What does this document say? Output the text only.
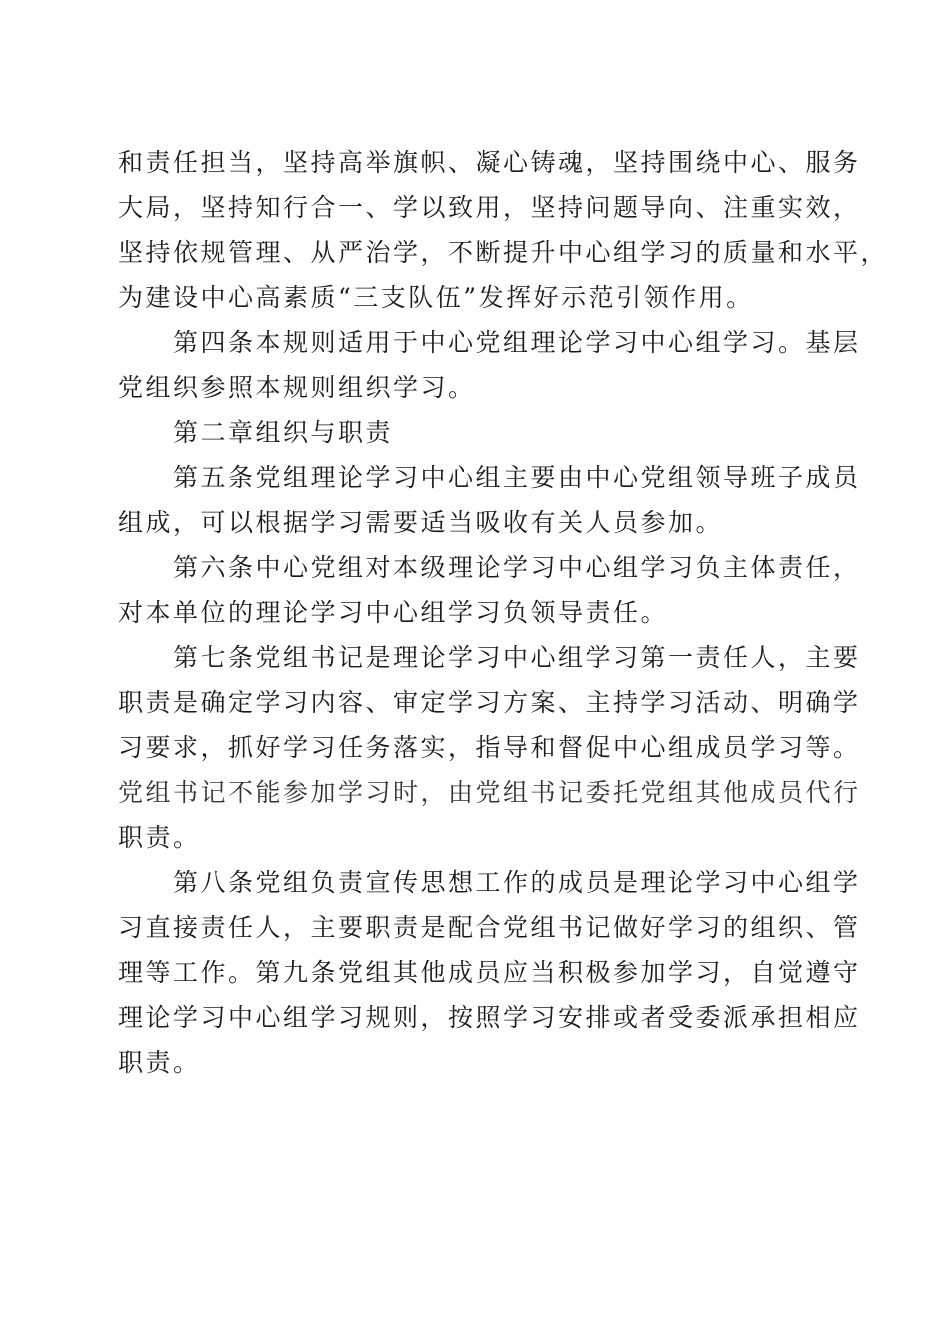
和责任担当，坚持高举旗帜、凝心铸魂，坚持围绕中心、服务
大局，坚持知行合一、学以致用，坚持问题导向、注重实效，
坚持依规管理、从严治学，不断提升中心组学习的质量和水平，
为建设中心高素质“三支队伍”发挥好示范引领作用。
第四条本规则适用于中心党组理论学习中心组学习。基层
党组织参照本规则组织学习。
第二章组织与职责
第五条党组理论学习中心组主要由中心党组领导班子成员
组成，可以根据学习需要适当吸收有关人员参加。
第六条中心党组对本级理论学习中心组学习负主体责任，
对本单位的理论学习中心组学习负领导责任。
第七条党组书记是理论学习中心组学习第一责任人，主要
职责是确定学习内容、审定学习方案、主持学习活动、明确学
习要求，抓好学习任务落实，指导和督促中心组成员学习等。
党组书记不能参加学习时，由党组书记委托党组其他成员代行
职责。
第八条党组负责宣传思想工作的成员是理论学习中心组学
习直接责任人，主要职责是配合党组书记做好学习的组织、管
理等工作。第九条党组其他成员应当积极参加学习，自觉遵守
理论学习中心组学习规则，按照学习安排或者受委派承担相应
职责。
